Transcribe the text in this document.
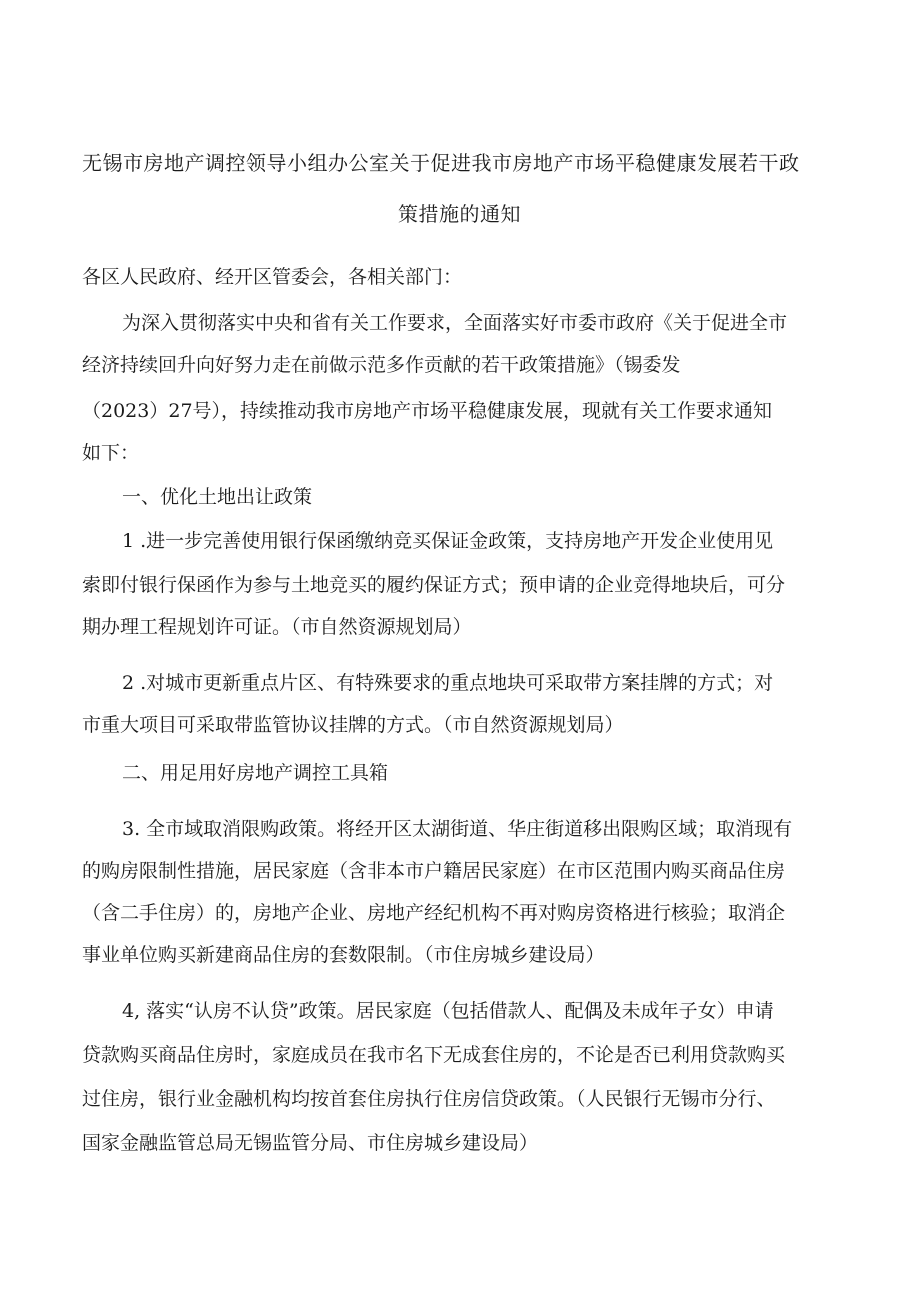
无锡市房地产调控领导小组办公室关于促进我市房地产市场平稳健康发展若干政
策措施的通知
各区人民政府、经开区管委会，各相关部门：
为深入贯彻落实中央和省有关工作要求，全面落实好市委市政府《关于促进全市
经济持续回升向好努力走在前做示范多作贡献的若干政策措施》（锡委发
（2023）27号），持续推动我市房地产市场平稳健康发展，现就有关工作要求通知
如下：
一、优化土地出让政策
1 .进一步完善使用银行保函缴纳竞买保证金政策，支持房地产开发企业使用见
索即付银行保函作为参与土地竞买的履约保证方式；预申请的企业竞得地块后，可分
期办理工程规划许可证。（市自然资源规划局）
2 .对城市更新重点片区、有特殊要求的重点地块可采取带方案挂牌的方式；对
市重大项目可采取带监管协议挂牌的方式。（市自然资源规划局）
二、用足用好房地产调控工具箱
3. 全市域取消限购政策。将经开区太湖街道、华庄街道移出限购区域；取消现有
的购房限制性措施，居民家庭（含非本市户籍居民家庭）在市区范围内购买商品住房
（含二手住房）的，房地产企业、房地产经纪机构不再对购房资格进行核验；取消企
事业单位购买新建商品住房的套数限制。（市住房城乡建设局）
4, 落实“认房不认贷”政策。居民家庭（包括借款人、配偶及未成年子女）申请
贷款购买商品住房时，家庭成员在我市名下无成套住房的，不论是否已利用贷款购买
过住房，银行业金融机构均按首套住房执行住房信贷政策。（人民银行无锡市分行、
国家金融监管总局无锡监管分局、市住房城乡建设局）
